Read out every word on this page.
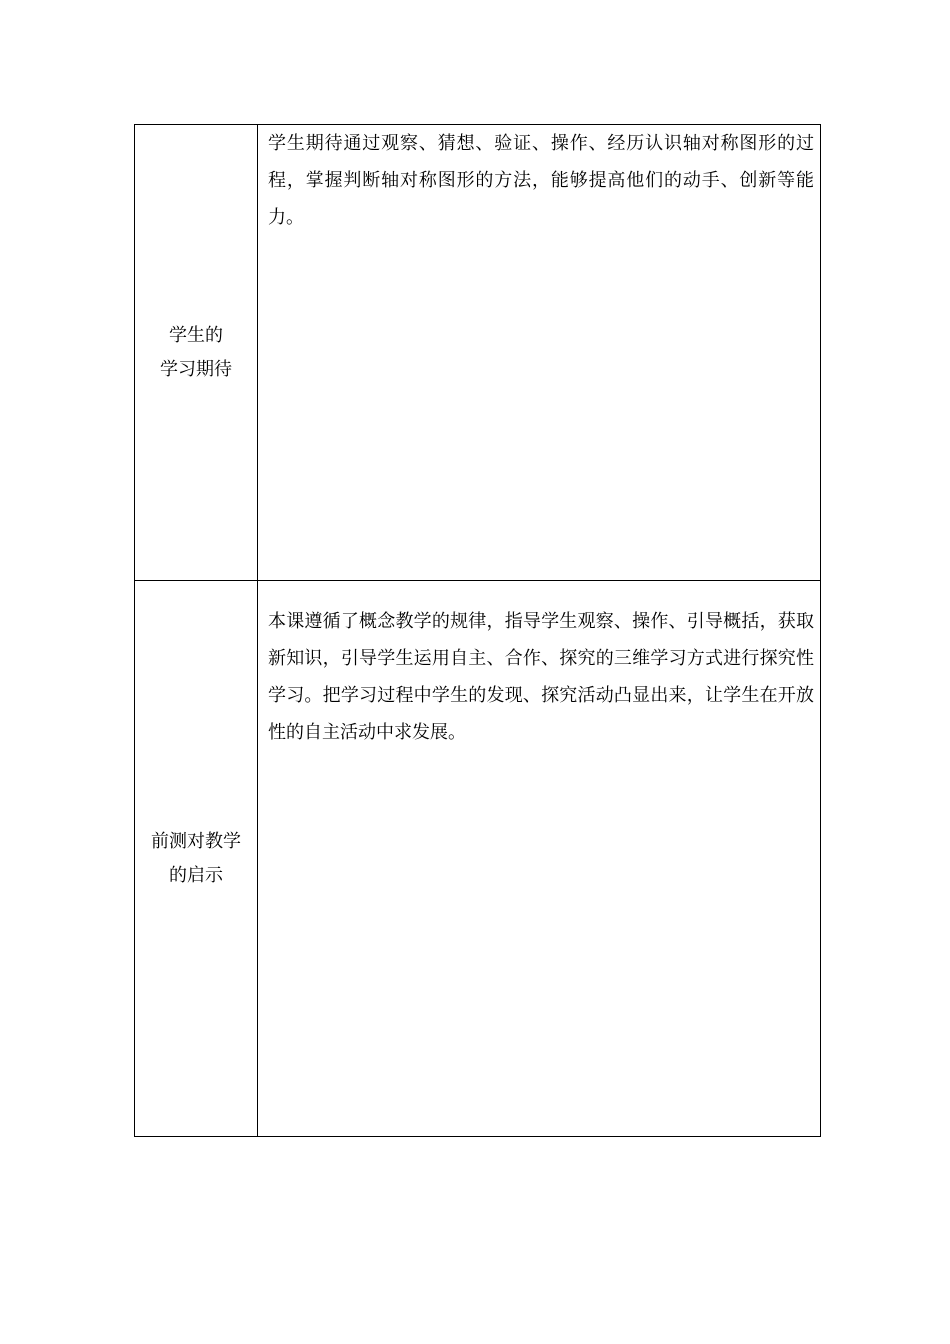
学生的
学习期待	学生期待通过观察、猜想、验证、操作、经历认识轴对称图形的过程，掌握判断轴对称图形的方法，能够提高他们的动手、创新等能力。

前测对教学
的启示	本课遵循了概念教学的规律，指导学生观察、操作、引导概括，获取新知识，引导学生运用自主、合作、探究的三维学习方式进行探究性学习。把学习过程中学生的发现、探究活动凸显出来，让学生在开放性的自主活动中求发展。
